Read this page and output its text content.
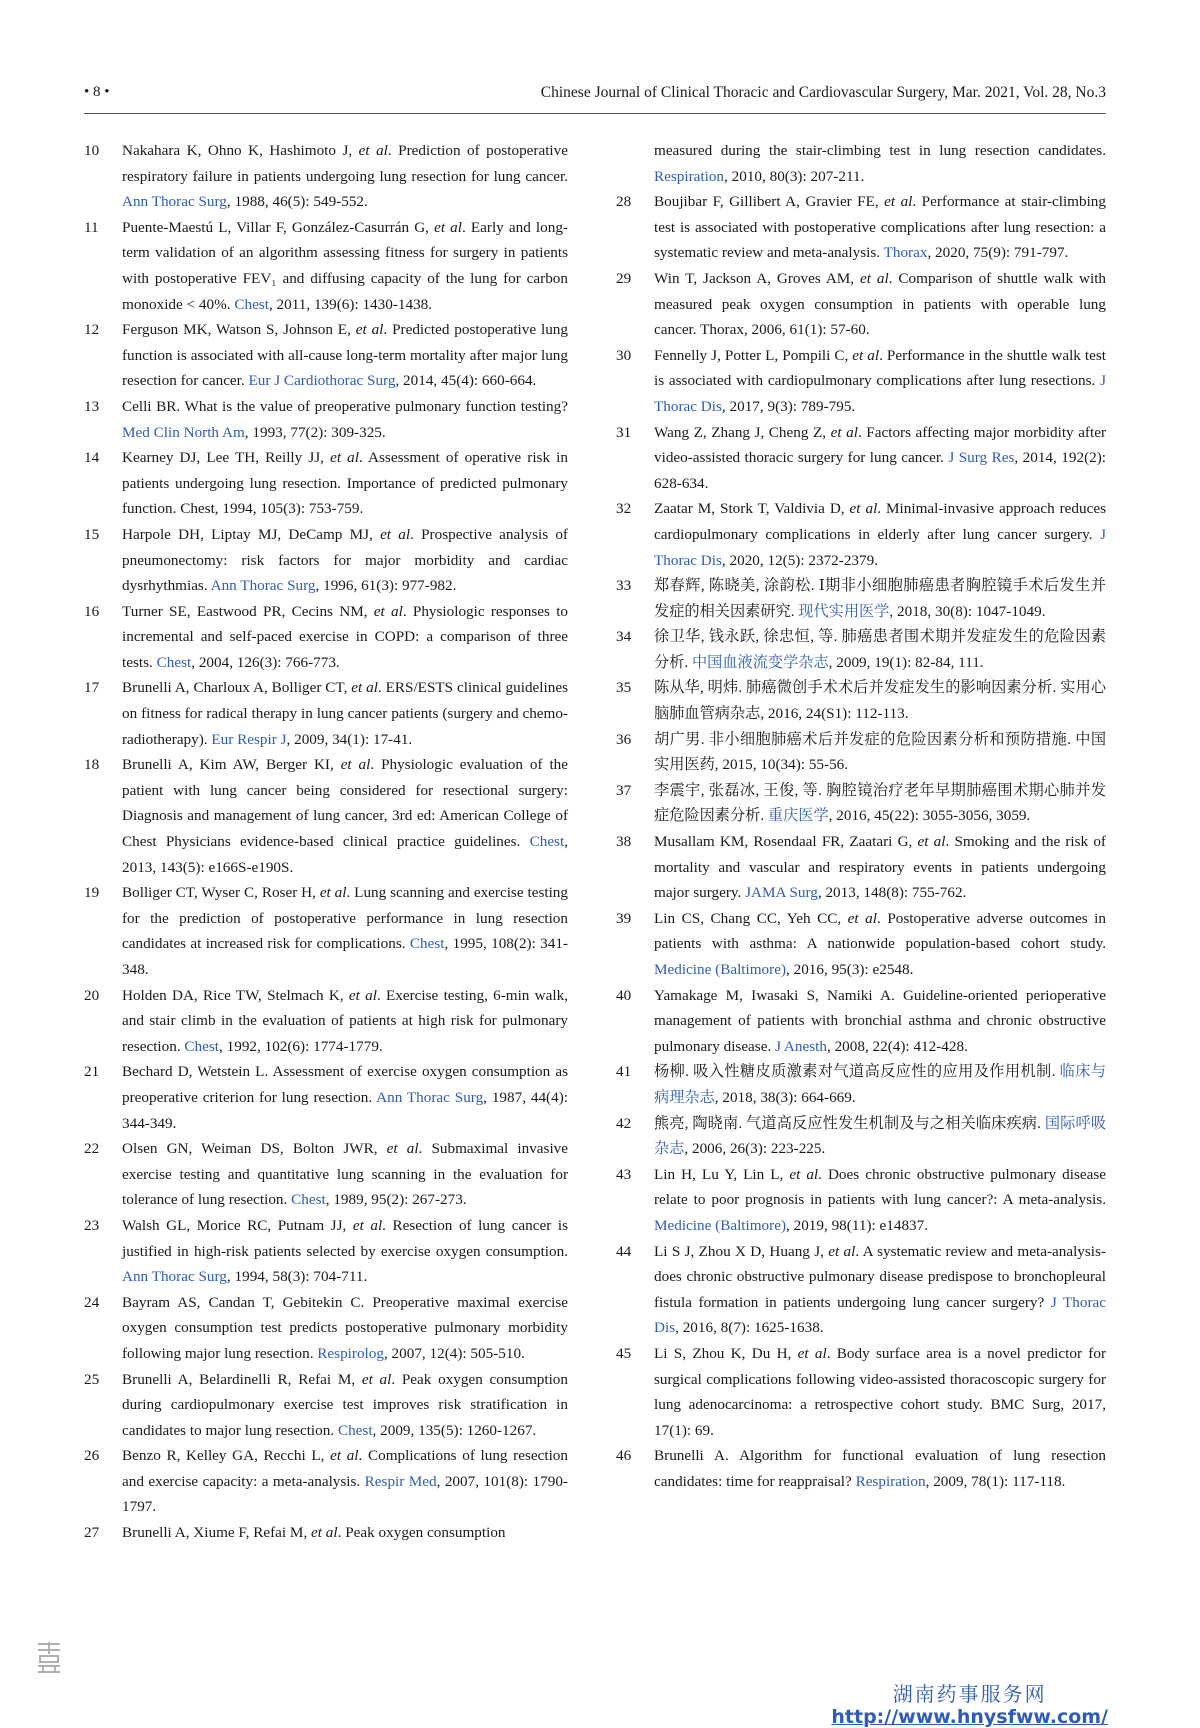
• 8 •	Chinese Journal of Clinical Thoracic and Cardiovascular Surgery, Mar. 2021, Vol. 28, No.3
10	Nakahara K, Ohno K, Hashimoto J, et al. Prediction of postoperative respiratory failure in patients undergoing lung resection for lung cancer. Ann Thorac Surg, 1988, 46(5): 549-552.
11	Puente-Maestú L, Villar F, González-Casurrán G, et al. Early and long-term validation of an algorithm assessing fitness for surgery in patients with postoperative FEV₁ and diffusing capacity of the lung for carbon monoxide < 40%. Chest, 2011, 139(6): 1430-1438.
12	Ferguson MK, Watson S, Johnson E, et al. Predicted postoperative lung function is associated with all-cause long-term mortality after major lung resection for cancer. Eur J Cardiothorac Surg, 2014, 45(4): 660-664.
13	Celli BR. What is the value of preoperative pulmonary function testing? Med Clin North Am, 1993, 77(2): 309-325.
14	Kearney DJ, Lee TH, Reilly JJ, et al. Assessment of operative risk in patients undergoing lung resection. Importance of predicted pulmonary function. Chest, 1994, 105(3): 753-759.
15	Harpole DH, Liptay MJ, DeCamp MJ, et al. Prospective analysis of pneumonectomy: risk factors for major morbidity and cardiac dysrhythmias. Ann Thorac Surg, 1996, 61(3): 977-982.
16	Turner SE, Eastwood PR, Cecins NM, et al. Physiologic responses to incremental and self-paced exercise in COPD: a comparison of three tests. Chest, 2004, 126(3): 766-773.
17	Brunelli A, Charloux A, Bolliger CT, et al. ERS/ESTS clinical guidelines on fitness for radical therapy in lung cancer patients (surgery and chemo-radiotherapy). Eur Respir J, 2009, 34(1): 17-41.
18	Brunelli A, Kim AW, Berger KI, et al. Physiologic evaluation of the patient with lung cancer being considered for resectional surgery: Diagnosis and management of lung cancer, 3rd ed: American College of Chest Physicians evidence-based clinical practice guidelines. Chest, 2013, 143(5): e166S-e190S.
19	Bolliger CT, Wyser C, Roser H, et al. Lung scanning and exercise testing for the prediction of postoperative performance in lung resection candidates at increased risk for complications. Chest, 1995, 108(2): 341-348.
20	Holden DA, Rice TW, Stelmach K, et al. Exercise testing, 6-min walk, and stair climb in the evaluation of patients at high risk for pulmonary resection. Chest, 1992, 102(6): 1774-1779.
21	Bechard D, Wetstein L. Assessment of exercise oxygen consumption as preoperative criterion for lung resection. Ann Thorac Surg, 1987, 44(4): 344-349.
22	Olsen GN, Weiman DS, Bolton JWR, et al. Submaximal invasive exercise testing and quantitative lung scanning in the evaluation for tolerance of lung resection. Chest, 1989, 95(2): 267-273.
23	Walsh GL, Morice RC, Putnam JJ, et al. Resection of lung cancer is justified in high-risk patients selected by exercise oxygen consumption. Ann Thorac Surg, 1994, 58(3): 704-711.
24	Bayram AS, Candan T, Gebitekin C. Preoperative maximal exercise oxygen consumption test predicts postoperative pulmonary morbidity following major lung resection. Respirolog, 2007, 12(4): 505-510.
25	Brunelli A, Belardinelli R, Refai M, et al. Peak oxygen consumption during cardiopulmonary exercise test improves risk stratification in candidates to major lung resection. Chest, 2009, 135(5): 1260-1267.
26	Benzo R, Kelley GA, Recchi L, et al. Complications of lung resection and exercise capacity: a meta-analysis. Respir Med, 2007, 101(8): 1790-1797.
27	Brunelli A, Xiume F, Refai M, et al. Peak oxygen consumption
measured during the stair-climbing test in lung resection candidates. Respiration, 2010, 80(3): 207-211.
28	Boujibar F, Gillibert A, Gravier FE, et al. Performance at stair-climbing test is associated with postoperative complications after lung resection: a systematic review and meta-analysis. Thorax, 2020, 75(9): 791-797.
29	Win T, Jackson A, Groves AM, et al. Comparison of shuttle walk with measured peak oxygen consumption in patients with operable lung cancer. Thorax, 2006, 61(1): 57-60.
30	Fennelly J, Potter L, Pompili C, et al. Performance in the shuttle walk test is associated with cardiopulmonary complications after lung resections. J Thorac Dis, 2017, 9(3): 789-795.
31	Wang Z, Zhang J, Cheng Z, et al. Factors affecting major morbidity after video-assisted thoracic surgery for lung cancer. J Surg Res, 2014, 192(2): 628-634.
32	Zaatar M, Stork T, Valdivia D, et al. Minimal-invasive approach reduces cardiopulmonary complications in elderly after lung cancer surgery. J Thorac Dis, 2020, 12(5): 2372-2379.
33	郑春辉, 陈晓美, 涂韵松. Ⅰ期非小细胞肺癌患者胸腔镜手术后发生并发症的相关因素研究. 现代实用医学, 2018, 30(8): 1047-1049.
34	徐卫华, 钱永跃, 徐忠恒, 等. 肺癌患者围术期并发症发生的危险因素分析. 中国血液流变学杂志, 2009, 19(1): 82-84, 111.
35	陈从华, 明炜. 肺癌微创手术术后并发症发生的影响因素分析. 实用心脑肺血管病杂志, 2016, 24(S1): 112-113.
36	胡广男. 非小细胞肺癌术后并发症的危险因素分析和预防措施. 中国实用医药, 2015, 10(34): 55-56.
37	李震宇, 张磊冰, 王俊, 等. 胸腔镜治疗老年早期肺癌围术期心肺并发症危险因素分析. 重庆医学, 2016, 45(22): 3055-3056, 3059.
38	Musallam KM, Rosendaal FR, Zaatari G, et al. Smoking and the risk of mortality and vascular and respiratory events in patients undergoing major surgery. JAMA Surg, 2013, 148(8): 755-762.
39	Lin CS, Chang CC, Yeh CC, et al. Postoperative adverse outcomes in patients with asthma: A nationwide population-based cohort study. Medicine (Baltimore), 2016, 95(3): e2548.
40	Yamakage M, Iwasaki S, Namiki A. Guideline-oriented perioperative management of patients with bronchial asthma and chronic obstructive pulmonary disease. J Anesth, 2008, 22(4): 412-428.
41	杨柳. 吸入性糖皮质激素对气道高反应性的应用及作用机制. 临床与病理杂志, 2018, 38(3): 664-669.
42	熊亮, 陶晓南. 气道高反应性发生机制及与之相关临床疾病. 国际呼吸杂志, 2006, 26(3): 223-225.
43	Lin H, Lu Y, Lin L, et al. Does chronic obstructive pulmonary disease relate to poor prognosis in patients with lung cancer?: A meta-analysis. Medicine (Baltimore), 2019, 98(11): e14837.
44	Li S J, Zhou X D, Huang J, et al. A systematic review and meta-analysis-does chronic obstructive pulmonary disease predispose to bronchopleural fistula formation in patients undergoing lung cancer surgery? J Thorac Dis, 2016, 8(7): 1625-1638.
45	Li S, Zhou K, Du H, et al. Body surface area is a novel predictor for surgical complications following video-assisted thoracoscopic surgery for lung adenocarcinoma: a retrospective cohort study. BMC Surg, 2017, 17(1): 69.
46	Brunelli A. Algorithm for functional evaluation of lung resection candidates: time for reappraisal? Respiration, 2009, 78(1): 117-118.
湖南药事服务网
http://www.hnysfww.com/
